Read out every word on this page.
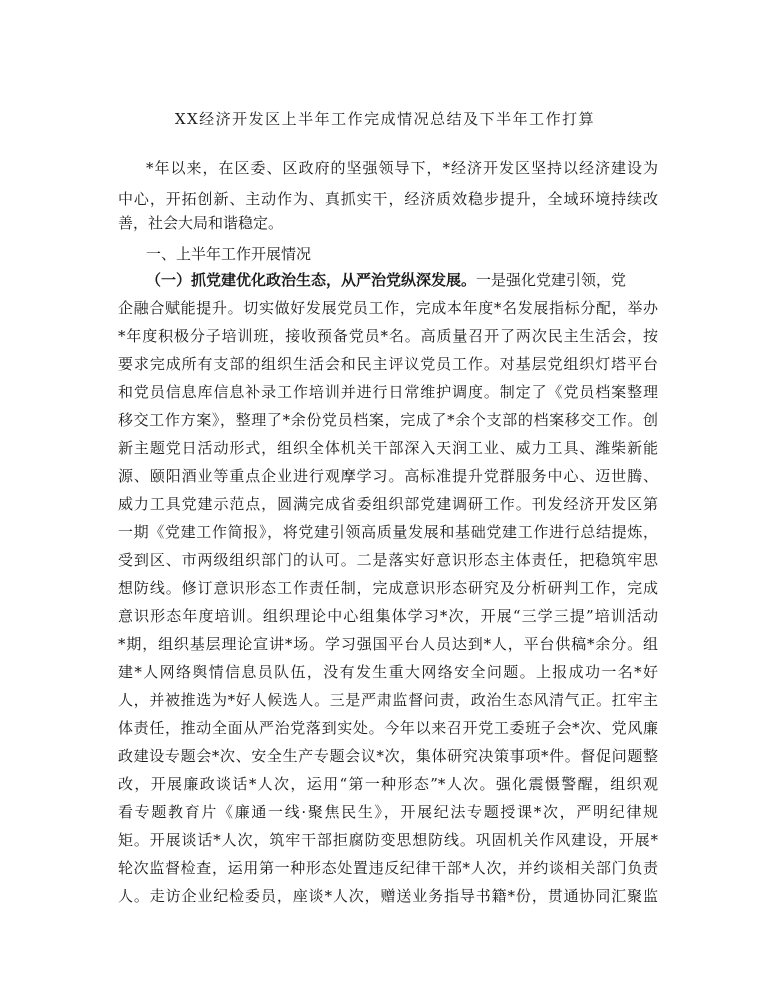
XX经济开发区上半年工作完成情况总结及下半年工作打算
*年以来，在区委、区政府的坚强领导下，*经济开发区坚持以经济建设为
中心，开拓创新、主动作为、真抓实干，经济质效稳步提升，全域环境持续改
善，社会大局和谐稳定。
一、上半年工作开展情况
（一）抓党建优化政治生态，从严治党纵深发展。一是强化党建引领，党
企融合赋能提升。切实做好发展党员工作，完成本年度*名发展指标分配，举办
*年度积极分子培训班，接收预备党员*名。高质量召开了两次民主生活会，按
要求完成所有支部的组织生活会和民主评议党员工作。对基层党组织灯塔平台
和党员信息库信息补录工作培训并进行日常维护调度。制定了《党员档案整理
移交工作方案》，整理了*余份党员档案，完成了*余个支部的档案移交工作。创
新主题党日活动形式，组织全体机关干部深入天润工业、威力工具、潍柴新能
源、颐阳酒业等重点企业进行观摩学习。高标准提升党群服务中心、迈世腾、
威力工具党建示范点，圆满完成省委组织部党建调研工作。刊发经济开发区第
一期《党建工作简报》，将党建引领高质量发展和基础党建工作进行总结提炼，
受到区、市两级组织部门的认可。二是落实好意识形态主体责任，把稳筑牢思
想防线。修订意识形态工作责任制，完成意识形态研究及分析研判工作，完成
意识形态年度培训。组织理论中心组集体学习*次，开展“三学三提”培训活动
*期，组织基层理论宣讲*场。学习强国平台人员达到*人，平台供稿*余分。组
建*人网络舆情信息员队伍，没有发生重大网络安全问题。上报成功一名*好
人，并被推选为*好人候选人。三是严肃监督问责，政治生态风清气正。扛牢主
体责任，推动全面从严治党落到实处。今年以来召开党工委班子会*次、党风廉
政建设专题会*次、安全生产专题会议*次，集体研究决策事项*件。督促问题整
改，开展廉政谈话*人次，运用“第一种形态”*人次。强化震慑警醒，组织观
看专题教育片《廉通一线·聚焦民生》，开展纪法专题授课*次，严明纪律规
矩。开展谈话*人次，筑牢干部拒腐防变思想防线。巩固机关作风建设，开展*
轮次监督检查，运用第一种形态处置违反纪律干部*人次，并约谈相关部门负责
人。走访企业纪检委员，座谈*人次，赠送业务指导书籍*份，贯通协同汇聚监
